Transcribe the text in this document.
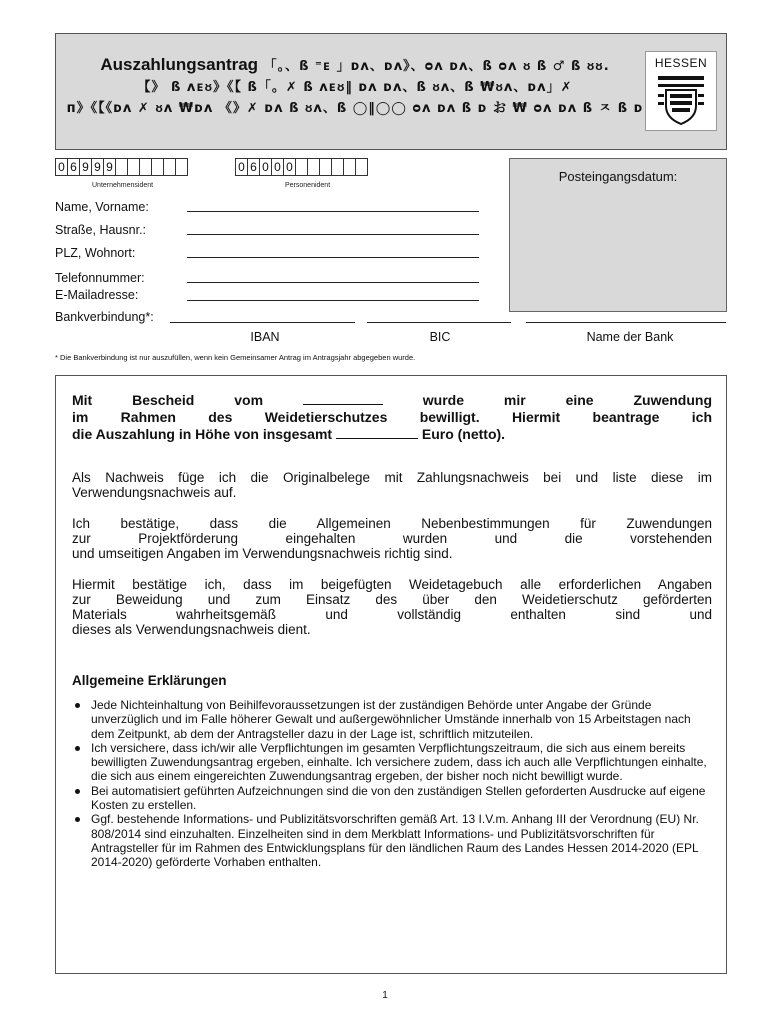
Auszahlungsantrag 「。、ß ⁼ᴇ 」ᴅᴧ、ᴅᴧ》、ᴑᴧ ᴅᴧ、ß ᴑᴧ ᴕ ß ♂ ß ᴕᴕ.
【》 ß ᴧᴇᴕ》《【 ß「。✗ ß ᴧᴇᴕ‖ ᴅᴧ ᴅᴧ、ß ᴕᴧ、ß ₩ᴕᴧ、ᴅᴧ」✗
ᴨ》《【《ᴅᴧ ✗ ᴕᴧ ₩ᴅᴧ 《》✗ ᴅᴧ ß ᴕᴧ、ß ◯‖◯◯ ᴑᴧ ᴅᴧ ß ᴅ お ₩ ᴑᴧ ᴅᴧ ß ㅈ ß ᴅ
HESSEN
0 6 9 9 9
Unternehmensident
0 6 0 0 0
Personenident
Posteingangsdatum:
Name, Vorname:
Straße, Hausnr.:
PLZ, Wohnort:
Telefonnummer:
E-Mailadresse:
Bankverbindung*:
IBAN	BIC	Name der Bank
* Die Bankverbindung ist nur auszufüllen, wenn kein Gemeinsamer Antrag im Antragsjahr abgegeben wurde.
Mit Bescheid vom	wurde mir eine Zuwendung
im Rahmen des Weidetierschutzes bewilligt. Hiermit beantrage ich
die Auszahlung in Höhe von insgesamt	Euro (netto).
Als Nachweis füge ich die Originalbelege mit Zahlungsnachweis bei und liste diese im
Verwendungsnachweis auf.
Ich bestätige, dass die Allgemeinen Nebenbestimmungen für Zuwendungen
zur Projektförderung eingehalten wurden und die vorstehenden
und umseitigen Angaben im Verwendungsnachweis richtig sind.
Hiermit bestätige ich, dass im beigefügten Weidetagebuch alle erforderlichen Angaben
zur Beweidung und zum Einsatz des über den Weidetierschutz geförderten
Materials wahrheitsgemäß und vollständig enthalten sind und
dieses als Verwendungsnachweis dient.
Allgemeine Erklärungen
Jede Nichteinhaltung von Beihilfevoraussetzungen ist der zuständigen Behörde unter Angabe der Gründe unverzüglich und im Falle höherer Gewalt und außergewöhnlicher Umstände innerhalb von 15 Arbeitstagen nach dem Zeitpunkt, ab dem der Antragsteller dazu in der Lage ist, schriftlich mitzuteilen.
Ich versichere, dass ich/wir alle Verpflichtungen im gesamten Verpflichtungszeitraum, die sich aus einem bereits bewilligten Zuwendungsantrag ergeben, einhalte. Ich versichere zudem, dass ich auch alle Verpflichtungen einhalte, die sich aus einem eingereichten Zuwendungsantrag ergeben, der bisher noch nicht bewilligt wurde.
Bei automatisiert geführten Aufzeichnungen sind die von den zuständigen Stellen geforderten Ausdrucke auf eigene Kosten zu erstellen.
Ggf. bestehende Informations- und Publizitätsvorschriften gemäß Art. 13 I.V.m. Anhang III der Verordnung (EU) Nr. 808/2014 sind einzuhalten. Einzelheiten sind in dem Merkblatt Informations- und Publizitätsvorschriften für Antragsteller für im Rahmen des Entwicklungsplans für den ländlichen Raum des Landes Hessen 2014-2020 (EPL 2014-2020) geförderte Vorhaben enthalten.
1
